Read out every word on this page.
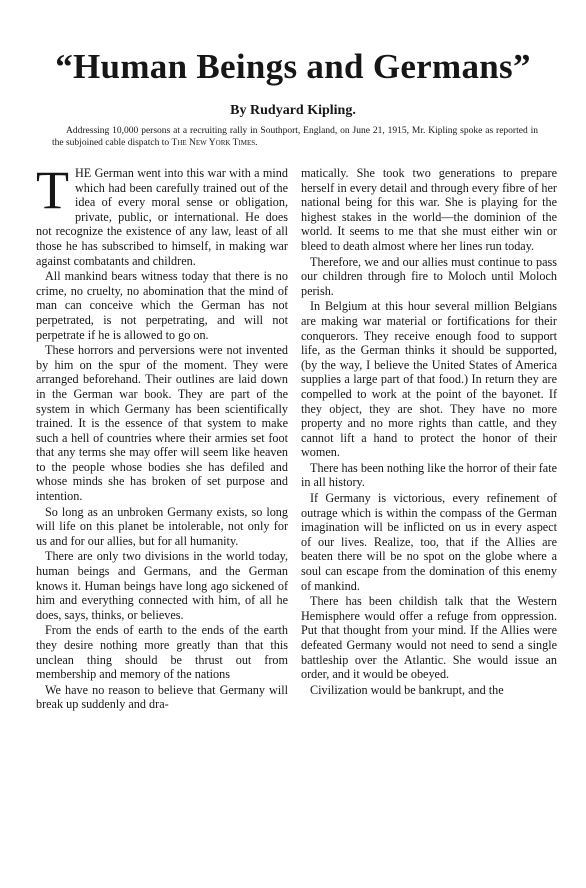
“Human Beings and Germans”
By Rudyard Kipling.

Addressing 10,000 persons at a recruiting rally in Southport, England, on June 21, 1915, Mr. Kipling spoke as reported in the subjoined cable dispatch to The New York Times.

THE German went into this war with a mind which had been carefully trained out of the idea of every moral sense or obligation, private, public, or international. He does not recognize the existence of any law, least of all those he has subscribed to himself, in making war against combatants and children.

All mankind bears witness today that there is no crime, no cruelty, no abomination that the mind of man can conceive which the German has not perpetrated, is not perpetrating, and will not perpetrate if he is allowed to go on.

These horrors and perversions were not invented by him on the spur of the moment. They were arranged beforehand. Their outlines are laid down in the German war book. They are part of the system in which Germany has been scientifically trained. It is the essence of that system to make such a hell of countries where their armies set foot that any terms she may offer will seem like heaven to the people whose bodies she has defiled and whose minds she has broken of set purpose and intention.

So long as an unbroken Germany exists, so long will life on this planet be intolerable, not only for us and for our allies, but for all humanity.

There are only two divisions in the world today, human beings and Germans, and the German knows it. Human beings have long ago sickened of him and everything connected with him, of all he does, says, thinks, or believes.

From the ends of earth to the ends of the earth they desire nothing more greatly than that this unclean thing should be thrust out from membership and memory of the nations

We have no reason to believe that Germany will break up suddenly and dra-

matically. She took two generations to prepare herself in every detail and through every fibre of her national being for this war. She is playing for the highest stakes in the world—the dominion of the world. It seems to me that she must either win or bleed to death almost where her lines run today.

Therefore, we and our allies must continue to pass our children through fire to Moloch until Moloch perish.

In Belgium at this hour several million Belgians are making war material or fortifications for their conquerors. They receive enough food to support life, as the German thinks it should be supported, (by the way, I believe the United States of America supplies a large part of that food.) In return they are compelled to work at the point of the bayonet. If they object, they are shot. They have no more property and no more rights than cattle, and they cannot lift a hand to protect the honor of their women.

There has been nothing like the horror of their fate in all history.

If Germany is victorious, every refinement of outrage which is within the compass of the German imagination will be inflicted on us in every aspect of our lives. Realize, too, that if the Allies are beaten there will be no spot on the globe where a soul can escape from the domination of this enemy of mankind.

There has been childish talk that the Western Hemisphere would offer a refuge from oppression. Put that thought from your mind. If the Allies were defeated Germany would not need to send a single battleship over the Atlantic. She would issue an order, and it would be obeyed.

Civilization would be bankrupt, and the
